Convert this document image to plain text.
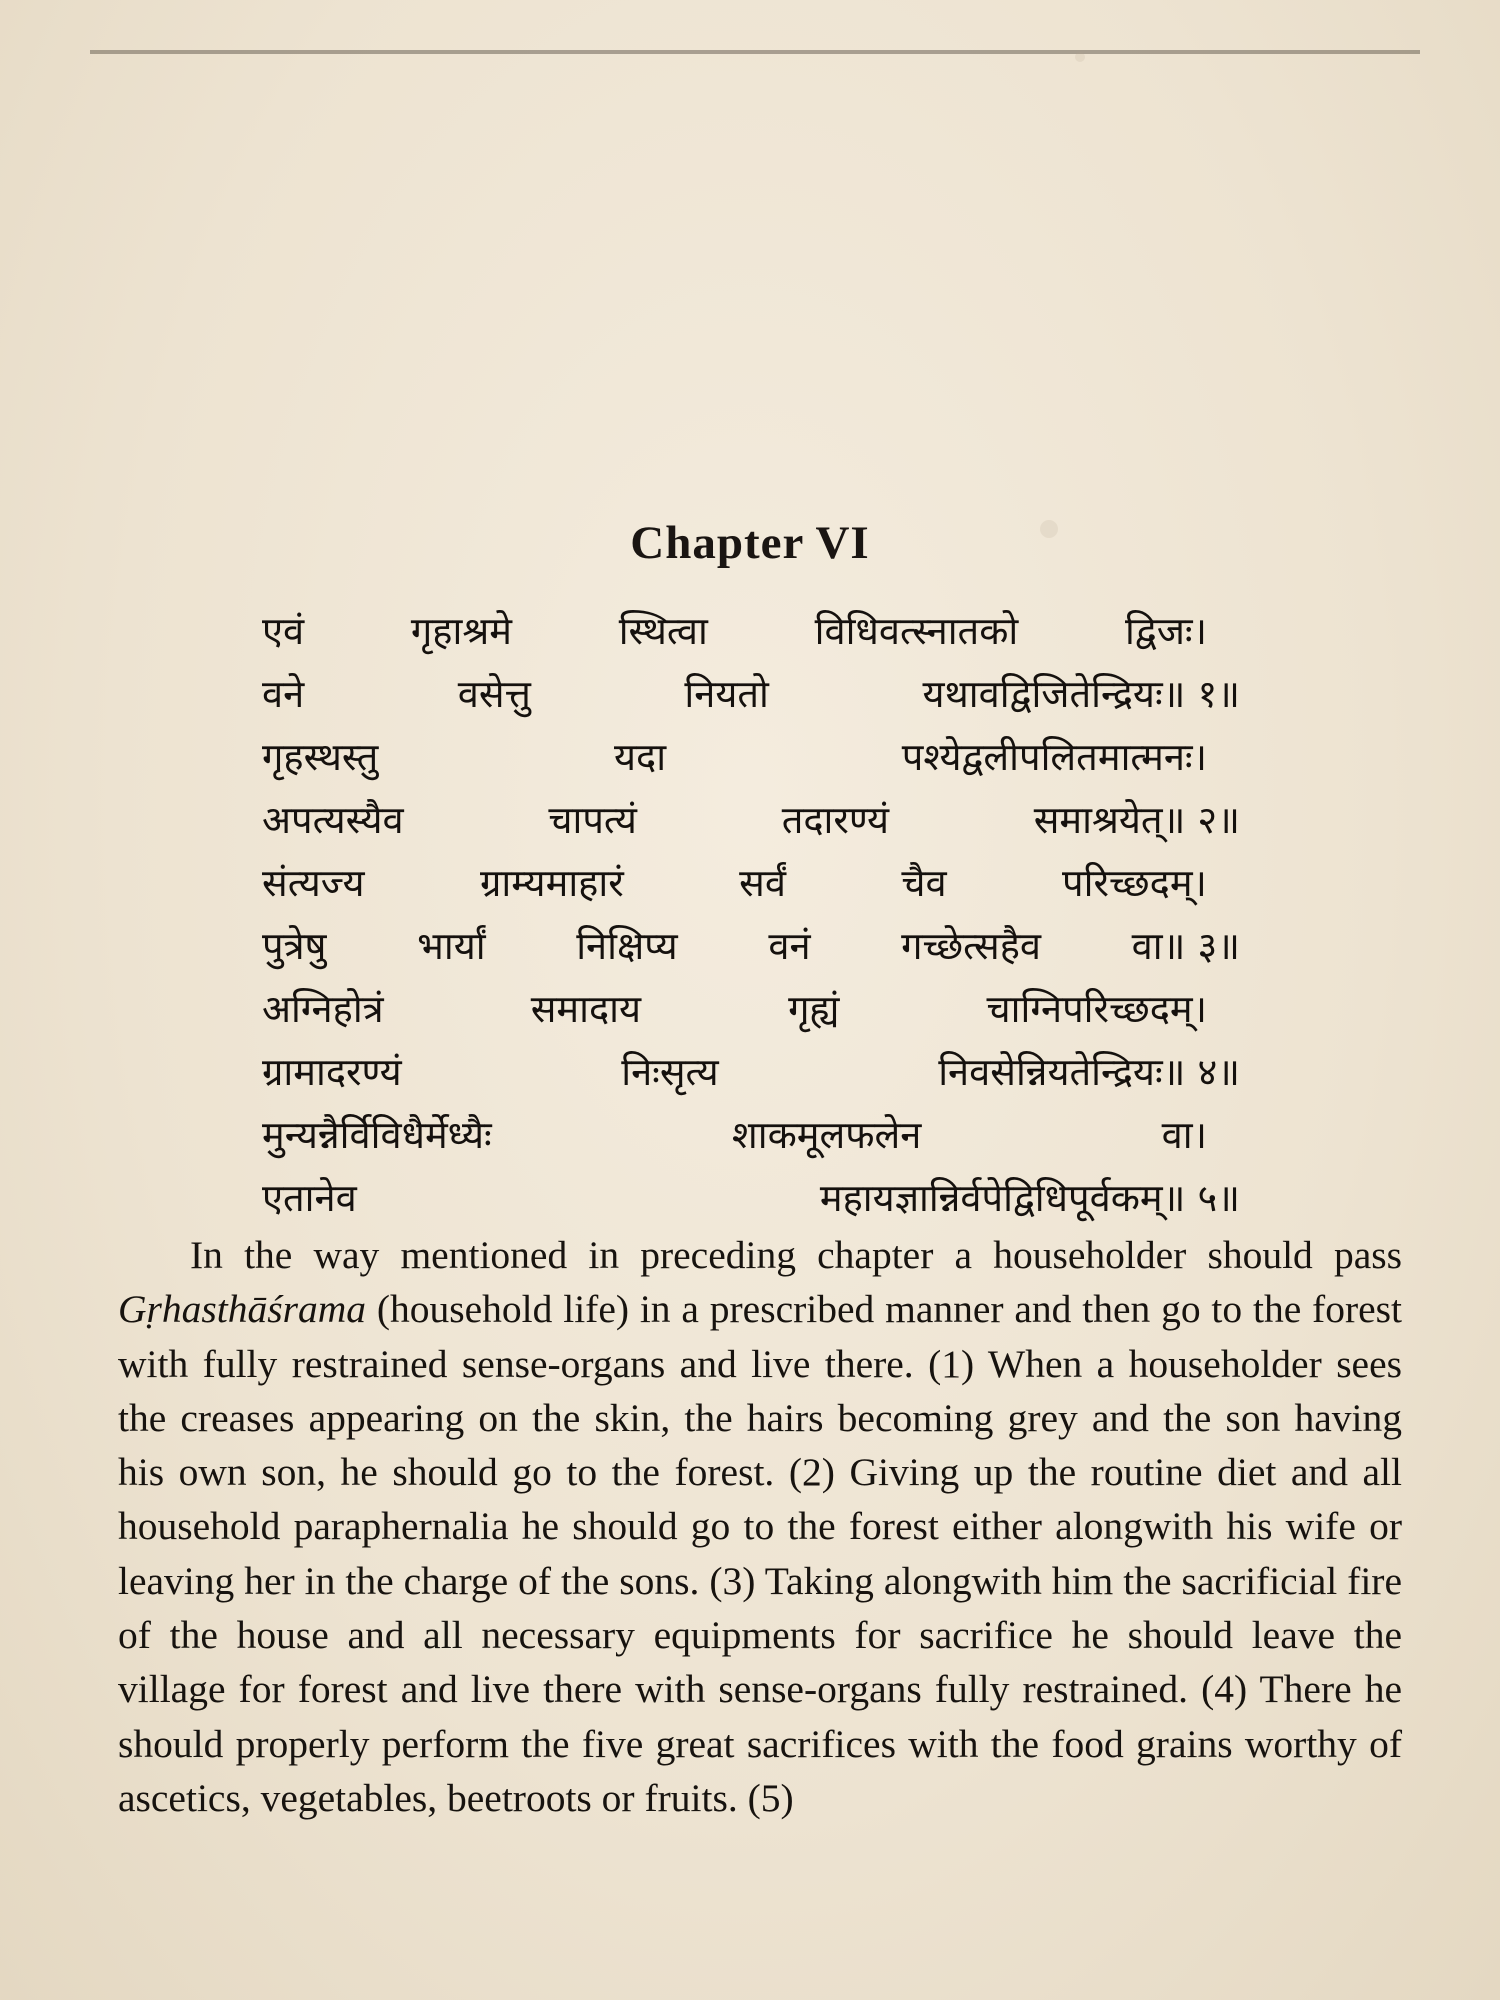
Chapter VI
एवं	गृहाश्रमे	स्थित्वा	विधिवत्स्नातको	द्विजः।
वने	वसेत्तु	नियतो	यथावद्विजितेन्द्रियः॥ १॥
गृहस्थस्तु	यदा	पश्येद्वलीपलितमात्मनः।
अपत्यस्यैव	चापत्यं	तदारण्यं	समाश्रयेत्॥ २॥
संत्यज्य	ग्राम्यमाहारं	सर्वं	चैव	परिच्छदम्।
पुत्रेषु भार्यां निक्षिप्य वनं गच्छेत्सहैव वा॥ ३॥
अग्निहोत्रं	समादाय	गृह्यं	चाग्निपरिच्छदम्।
ग्रामादरण्यं	निःसृत्य	निवसेन्नियतेन्द्रियः॥ ४॥
मुन्यन्नैर्विविधैर्मेध्यैः	शाकमूलफलेन	वा।
एतानेव	महायज्ञान्निर्वपेद्विधिपूर्वकम्॥ ५॥

In the way mentioned in preceding chapter a householder should pass Gṛhasthāśrama (household life) in a prescribed manner and then go to the forest with fully restrained sense-organs and live there. (1) When a householder sees the creases appearing on the skin, the hairs becoming grey and the son having his own son, he should go to the forest. (2) Giving up the routine diet and all household paraphernalia he should go to the forest either alongwith his wife or leaving her in the charge of the sons. (3) Taking alongwith him the sacrificial fire of the house and all necessary equipments for sacrifice he should leave the village for forest and live there with sense-organs fully restrained. (4) There he should properly perform the five great sacrifices with the food grains worthy of ascetics, vegetables, beetroots or fruits. (5)
